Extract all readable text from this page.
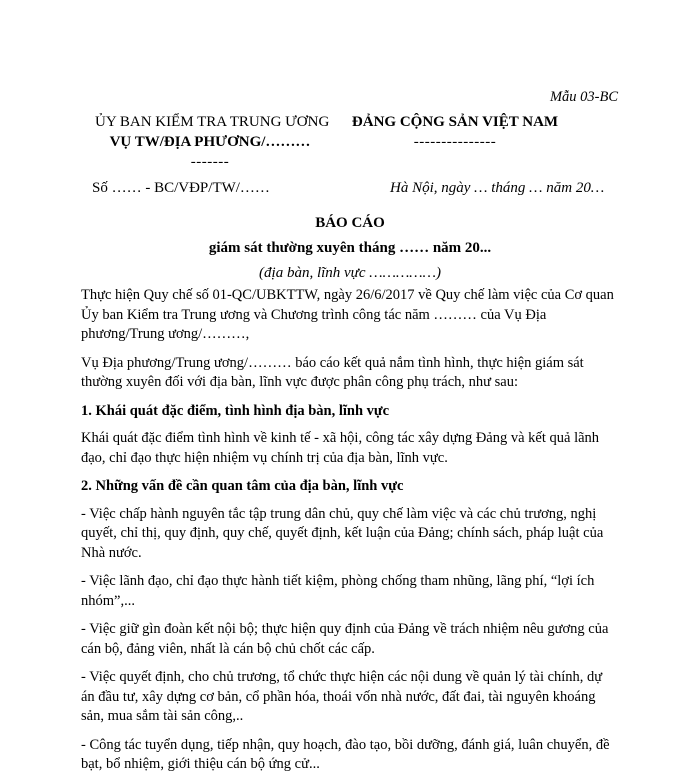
Mẫu 03-BC
ỦY BAN KIỂM TRA TRUNG ƯƠNG
VỤ TW/ĐỊA PHƯƠNG/………
-------
ĐẢNG CỘNG SẢN VIỆT NAM
---------------
Số …… - BC/VĐP/TW/……	Hà Nội, ngày … tháng … năm 20…
BÁO CÁO
giám sát thường xuyên tháng …… năm 20...
(địa bàn, lĩnh vực ……………)

Thực hiện Quy chế số 01-QC/UBKTTW, ngày 26/6/2017 về Quy chế làm việc của Cơ quan Ủy ban Kiểm tra Trung ương và Chương trình công tác năm ……… của Vụ Địa phương/Trung ương/………,

Vụ Địa phương/Trung ương/……… báo cáo kết quả nắm tình hình, thực hiện giám sát thường xuyên đối với địa bàn, lĩnh vực được phân công phụ trách, như sau:

1. Khái quát đặc điểm, tình hình địa bàn, lĩnh vực

Khái quát đặc điểm tình hình về kinh tế - xã hội, công tác xây dựng Đảng và kết quả lãnh đạo, chỉ đạo thực hiện nhiệm vụ chính trị của địa bàn, lĩnh vực.

2. Những vấn đề cần quan tâm của địa bàn, lĩnh vực

- Việc chấp hành nguyên tắc tập trung dân chủ, quy chế làm việc và các chủ trương, nghị quyết, chỉ thị, quy định, quy chế, quyết định, kết luận của Đảng; chính sách, pháp luật của Nhà nước.

- Việc lãnh đạo, chỉ đạo thực hành tiết kiệm, phòng chống tham nhũng, lãng phí, “lợi ích nhóm”,...

- Việc giữ gìn đoàn kết nội bộ; thực hiện quy định của Đảng về trách nhiệm nêu gương của cán bộ, đảng viên, nhất là cán bộ chủ chốt các cấp.

- Việc quyết định, cho chủ trương, tổ chức thực hiện các nội dung về quản lý tài chính, dự án đầu tư, xây dựng cơ bản, cổ phần hóa, thoái vốn nhà nước, đất đai, tài nguyên khoáng sản, mua sắm tài sản công,..

- Công tác tuyển dụng, tiếp nhận, quy hoạch, đào tạo, bồi dưỡng, đánh giá, luân chuyển, đề bạt, bổ nhiệm, giới thiệu cán bộ ứng cử...
